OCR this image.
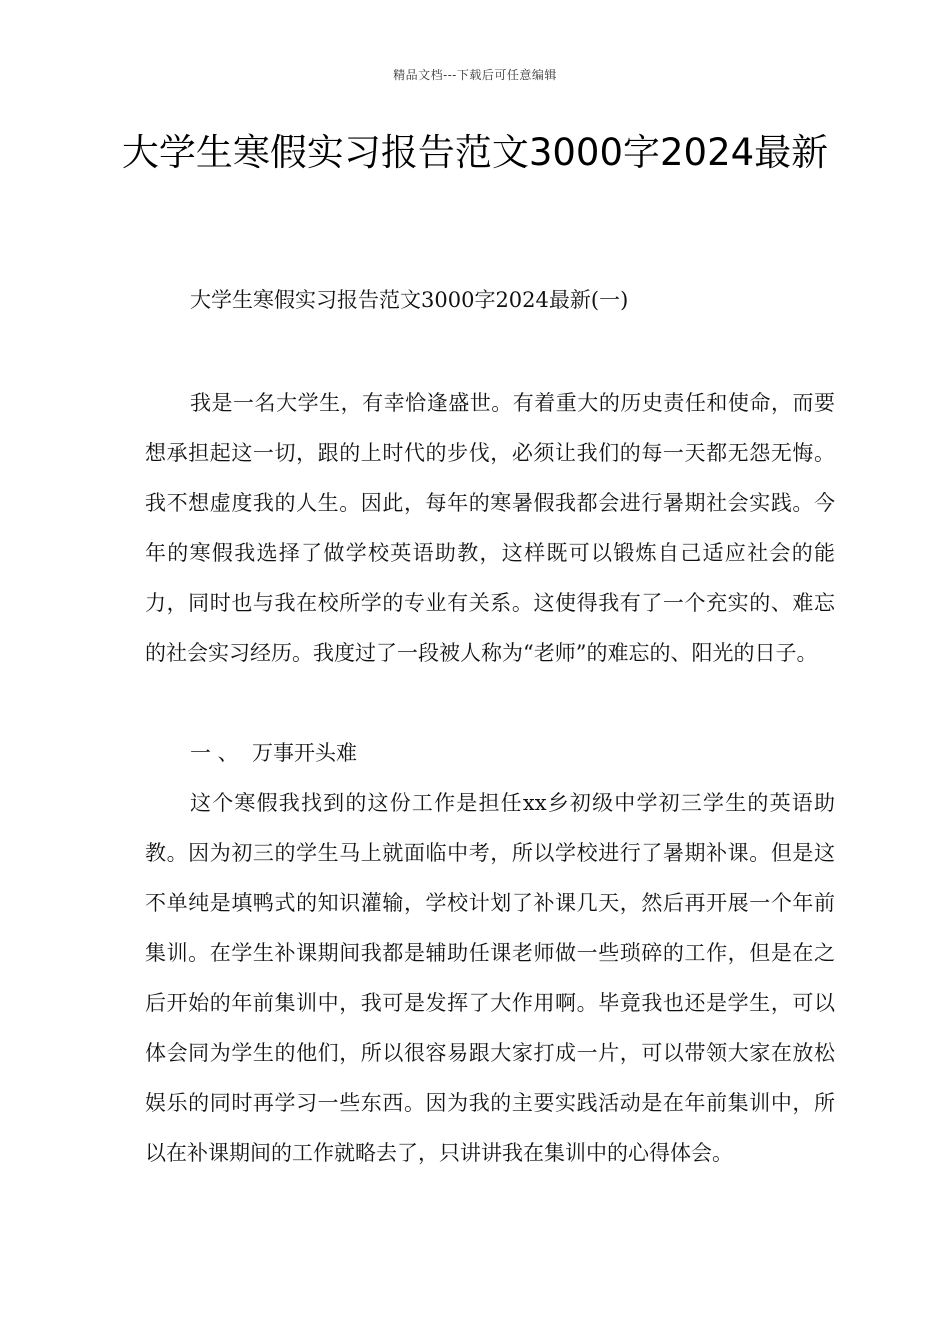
精品文档---下载后可任意编辑
大学生寒假实习报告范文3000字2024最新
大学生寒假实习报告范文3000字2024最新(一)

我是一名大学生，有幸恰逢盛世。有着重大的历史责任和使命，而要想承担起这一切，跟的上时代的步伐，必须让我们的每一天都无怨无悔。我不想虚度我的人生。因此，每年的寒暑假我都会进行暑期社会实践。今年的寒假我选择了做学校英语助教，这样既可以锻炼自己适应社会的能力，同时也与我在校所学的专业有关系。这使得我有了一个充实的、难忘的社会实习经历。我度过了一段被人称为“老师”的难忘的、阳光的日子。

一 、  万事开头难

这个寒假我找到的这份工作是担任xx乡初级中学初三学生的英语助教。因为初三的学生马上就面临中考，所以学校进行了暑期补课。但是这不单纯是填鸭式的知识灌输，学校计划了补课几天，然后再开展一个年前集训。在学生补课期间我都是辅助任课老师做一些琐碎的工作，但是在之后开始的年前集训中，我可是发挥了大作用啊。毕竟我也还是学生，可以体会同为学生的他们，所以很容易跟大家打成一片，可以带领大家在放松娱乐的同时再学习一些东西。因为我的主要实践活动是在年前集训中，所以在补课期间的工作就略去了，只讲讲我在集训中的心得体会。
